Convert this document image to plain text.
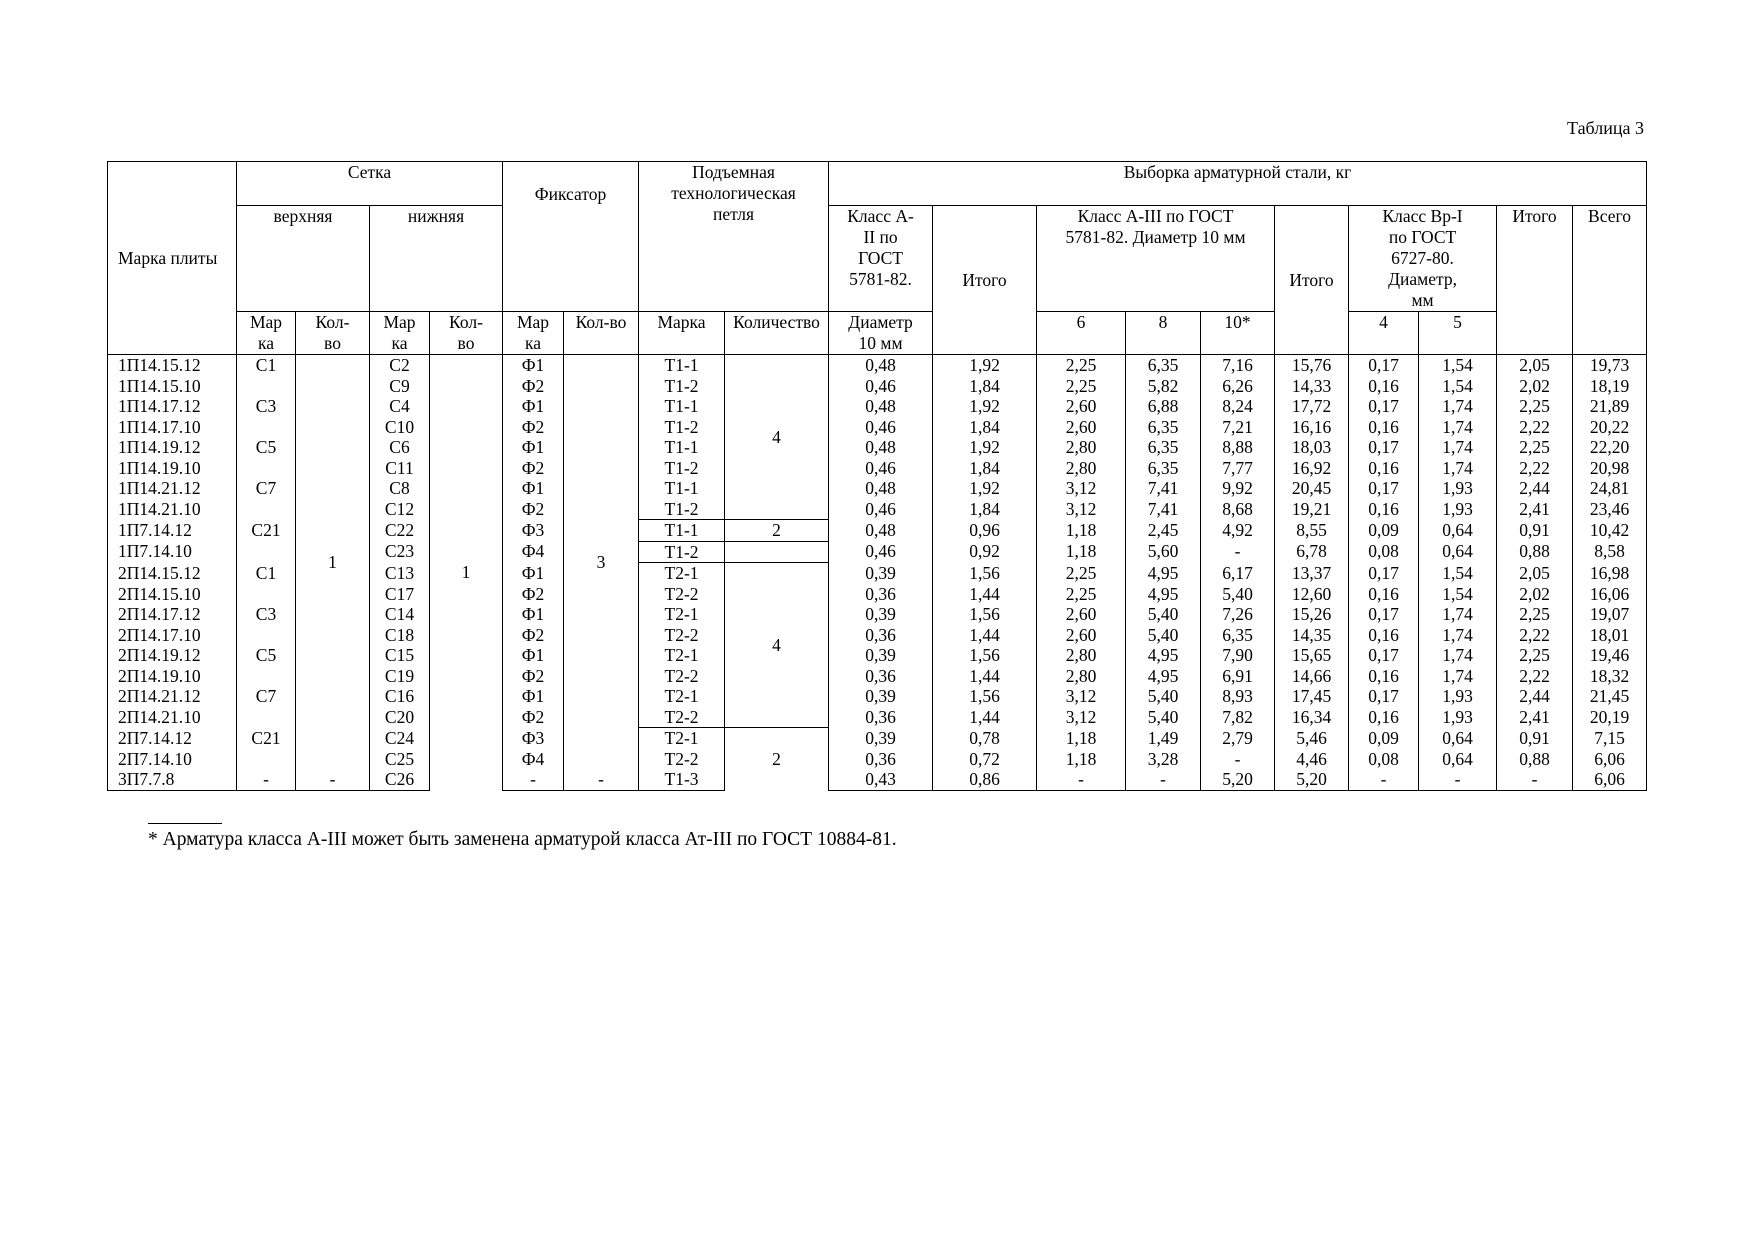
Таблица 3
Марка плиты	Сетка				Фиксатор		Подъемная технологическая петля		Выборка арматурной стали, кг									
	верхняя		нижняя						Класс А-II по ГОСТ 5781-82.	Итого	Класс А-III по ГОСТ 5781-82. Диаметр 10 мм			Итого	Класс Вр-I по ГОСТ 6727-80. Диаметр, мм		Итого	Всего
	Мар ка	Кол-во	Мар ка	Кол-во	Мар ка	Кол-во	Марка	Количество	Диаметр 10 мм		6	8	10*		4	5		
1П14.15.12	С1	1	С2	1	Ф1	3	Т1-1	4	0,48	1,92	2,25	6,35	7,16	15,76	0,17	1,54	2,05	19,73
1П14.15.10			С9		Ф2		Т1-2		0,46	1,84	2,25	5,82	6,26	14,33	0,16	1,54	2,02	18,19
1П14.17.12	С3		С4		Ф1		Т1-1		0,48	1,92	2,60	6,88	8,24	17,72	0,17	1,74	2,25	21,89
1П14.17.10			С10		Ф2		Т1-2		0,46	1,84	2,60	6,35	7,21	16,16	0,16	1,74	2,22	20,22
1П14.19.12	С5		С6		Ф1		Т1-1		0,48	1,92	2,80	6,35	8,88	18,03	0,17	1,74	2,25	22,20
1П14.19.10			С11		Ф2		Т1-2		0,46	1,84	2,80	6,35	7,77	16,92	0,16	1,74	2,22	20,98
1П14.21.12	С7		С8		Ф1		Т1-1		0,48	1,92	3,12	7,41	9,92	20,45	0,17	1,93	2,44	24,81
1П14.21.10			С12		Ф2		Т1-2		0,46	1,84	3,12	7,41	8,68	19,21	0,16	1,93	2,41	23,46
1П7.14.12	С21		С22		Ф3		Т1-1	2	0,48	0,96	1,18	2,45	4,92	8,55	0,09	0,64	0,91	10,42
1П7.14.10			С23		Ф4		Т1-2		0,46	0,92	1,18	5,60	-	6,78	0,08	0,64	0,88	8,58
2П14.15.12	С1		С13		Ф1		Т2-1	4	0,39	1,56	2,25	4,95	6,17	13,37	0,17	1,54	2,05	16,98
2П14.15.10			С17		Ф2		Т2-2		0,36	1,44	2,25	4,95	5,40	12,60	0,16	1,54	2,02	16,06
2П14.17.12	С3		С14		Ф1		Т2-1		0,39	1,56	2,60	5,40	7,26	15,26	0,17	1,74	2,25	19,07
2П14.17.10			С18		Ф2		Т2-2		0,36	1,44	2,60	5,40	6,35	14,35	0,16	1,74	2,22	18,01
2П14.19.12	С5		С15		Ф1		Т2-1		0,39	1,56	2,80	4,95	7,90	15,65	0,17	1,74	2,25	19,46
2П14.19.10			С19		Ф2		Т2-2		0,36	1,44	2,80	4,95	6,91	14,66	0,16	1,74	2,22	18,32
2П14.21.12	С7		С16		Ф1		Т2-1		0,39	1,56	3,12	5,40	8,93	17,45	0,17	1,93	2,44	21,45
2П14.21.10			С20		Ф2		Т2-2		0,36	1,44	3,12	5,40	7,82	16,34	0,16	1,93	2,41	20,19
2П7.14.12	С21		С24		Ф3		Т2-1	2	0,39	0,78	1,18	1,49	2,79	5,46	0,09	0,64	0,91	7,15
2П7.14.10			С25		Ф4		Т2-2		0,36	0,72	1,18	3,28	-	4,46	0,08	0,64	0,88	6,06
3П7.7.8	-	-	С26		-	-	Т1-3		0,43	0,86	-	-	5,20	5,20	-	-	-	6,06
* Арматура класса А-III может быть заменена арматурой класса Ат-III по ГОСТ 10884-81.
